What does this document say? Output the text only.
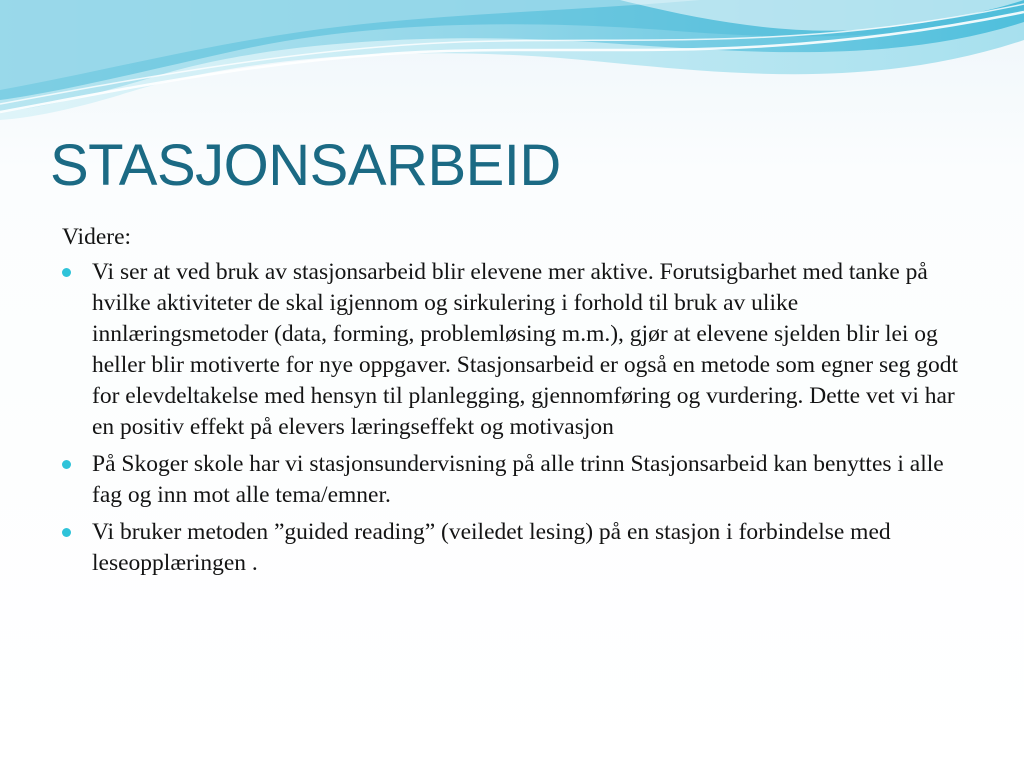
STASJONSARBEID

Videre:

Vi ser at ved bruk av stasjonsarbeid blir elevene mer aktive. Forutsigbarhet med tanke på hvilke aktiviteter de skal igjennom og sirkulering i forhold til bruk av ulike innlæringsmetoder (data, forming, problemløsing m.m.), gjør at elevene sjelden blir lei og heller blir motiverte for nye oppgaver. Stasjonsarbeid er også en metode som egner seg godt for elevdeltakelse med hensyn til planlegging, gjennomføring og vurdering. Dette vet vi har en positiv effekt på elevers læringseffekt og motivasjon
På Skoger skole har vi stasjonsundervisning på alle trinn Stasjonsarbeid kan benyttes i alle fag og inn mot alle tema/emner.
Vi bruker metoden ”guided reading” (veiledet lesing) på en stasjon i forbindelse med leseopplæringen .
